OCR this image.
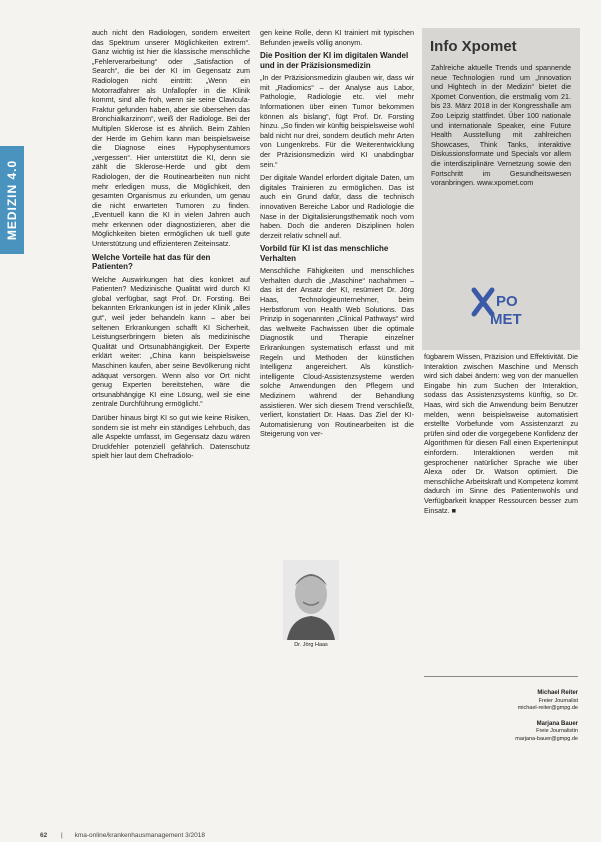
MEDIZIN 4.0

auch nicht den Radiologen, sondern erweitert das Spektrum unserer Möglichkeiten extrem“. Ganz wichtig ist hier die klassische menschliche „Fehlerverarbeitung“ oder „Satisfaction of Search“, die bei der KI im Gegensatz zum Radiologen nicht eintritt: „Wenn ein Motorradfahrer als Unfallopfer in die Klinik kommt, sind alle froh, wenn sie seine Clavicula-Fraktur gefunden haben, aber sie übersehen das Bronchialkarzinom“, weiß der Radiologe. Bei der Multiplen Sklerose ist es ähnlich. Beim Zählen der Herde im Gehirn kann man beispielsweise die Diagnose eines Hypophysentumors „vergessen“. Hier unterstützt die KI, denn sie zählt die Sklerose-Herde und gibt dem Radiologen, der die Routinearbeiten nun nicht mehr erledigen muss, die Möglichkeit, den gesamten Organismus zu erkunden, um genau die nicht erwarteten Tumoren zu finden. „Eventuell kann die KI in vielen Jahren auch mehr erkennen oder diagnostizieren, aber die Möglichkeiten bieten ermöglichen uk tuell gute Unterstützung und effizienteren Zeiteinsatz.

Welche Vorteile hat das für den Patienten?

Welche Auswirkungen hat dies konkret auf Patienten? Medizinische Qualität wird durch KI global verfügbar, sagt Prof. Dr. Forsting. Bei bekannten Erkrankungen ist in jeder Klinik „alles gut“, weil jeder behandeln kann – aber bei seltenen Erkrankungen schafft KI Sicherheit, Leistungserbringern bieten als medizinische Qualität und Ortsunabhängigkeit. Der Experte erklärt weiter: „China kann beispielsweise Maschinen kaufen, aber seine Bevölkerung nicht adäquat versorgen. Wenn also vor Ort nicht genug Experten bereitstehen, wäre die ortsunabhängige KI eine Lösung, weil sie eine zentrale Durchführung ermöglicht.“

Darüber hinaus birgt KI so gut wie keine Risiken, sondern sie ist mehr ein ständiges Lehrbuch, das alle Aspekte umfasst, im Gegensatz dazu wären Druckfehler potenziell gefährlich. Datenschutz spielt hier laut dem Chefradiolo-

gen keine Rolle, denn KI trainiert mit typischen Befunden jeweils völlig anonym.

Die Position der KI im digitalen Wandel und in der Präzisionsmedizin

„In der Präzisionsmedizin glauben wir, dass wir mit „Radiomics“ – der Analyse aus Labor, Pathologie, Radiologie etc. viel mehr Informationen über einen Tumor bekommen können als bislang“, fügt Prof. Dr. Forsting hinzu. „So finden wir künftig beispielsweise wohl bald nicht nur drei, sondern deutlich mehr Arten von Lungenkrebs. Für die Weiterentwicklung der Präzisionsmedizin wird KI unabdingbar sein.“

Der digitale Wandel erfordert digitale Daten, um digitales Trainieren zu ermöglichen. Das ist auch ein Grund dafür, dass die technisch innovativen Bereiche Labor und Radiologie die Nase in der Digitalisierungsthematik noch vorn haben. Doch die anderen Disziplinen holen derzeit relativ schnell auf.

Vorbild für KI ist das menschliche Verhalten

Menschliche Fähigkeiten und menschliches Verhalten durch die „Maschine“ nachahmen – das ist der Ansatz der KI, resümiert Dr. Jörg Haas, Technologieunternehmer, beim Herbstforum von Health Web Solutions. Das Prinzip in sogenannten „Clinical Pathways“ wird das weltweite Fachwissen über die optimale Diagnostik und Therapie einzelner Erkrankungen systematisch erfasst und mit Regeln und Methoden der künstlichen Intelligenz angereichert. Als künstlich-intelligente Cloud-Assistenzsysteme werden solche Anwendungen den Pflegern und Medizinern während der Behandlung assistieren. Wer sich diesem Trend verschließt, verliert, konstatiert Dr. Haas. Das Ziel der KI-Automatisierung von Routinearbeiten ist die Steigerung von ver-

Dr. Jörg Haas
Info Xpomet
Zahlreiche aktuelle Trends und spannende neue Technologien rund um „Innovation und Hightech in der Medizin“ bietet die Xpomet Convention, die erstmalig vom 21. bis 23. März 2018 in der Kongresshalle am Zoo Leipzig stattfindet. Über 100 nationale und internationale Speaker, eine Future Health Ausstellung mit zahlreichen Showcases, Think Tanks, interaktive Diskussionsformate und Specials vor allem die interdisziplinäre Vernetzung sowie den Fortschritt im Gesundheitswesen voranbringen. www.xpomet.com
PO
MET

fügbarem Wissen, Präzision und Effektivität. Die Interaktion zwischen Maschine und Mensch wird sich dabei ändern: weg von der manuellen Eingabe hin zum Suchen der Interaktion, sodass das Assistenzsystems künftig, so Dr. Haas, wird sich die Anwendung beim Benutzer melden, wenn beispielsweise automatisiert erstellte Vorbefunde vom Assistenzarzt zu prüfen sind oder die vorgegebene Konfidenz der Algorithmen für diesen Fall einen Experteninput einfordern. Interaktionen werden mit gesprochener natürlicher Sprache wie über Alexa oder Dr. Watson optimiert. Die menschliche Arbeitskraft und Kompetenz kommt dadurch im Sinne des Patientenwohls und Verfügbarkeit knapper Ressourcen besser zum Einsatz. ■

Michael Reiter
Freier Journalist
michael-reiter@gmpg.de
Marjana Bauer
Freie Journalistin
marjana-bauer@gmpg.de
62 | kma-online/krankenhausmanagement 3/2018
